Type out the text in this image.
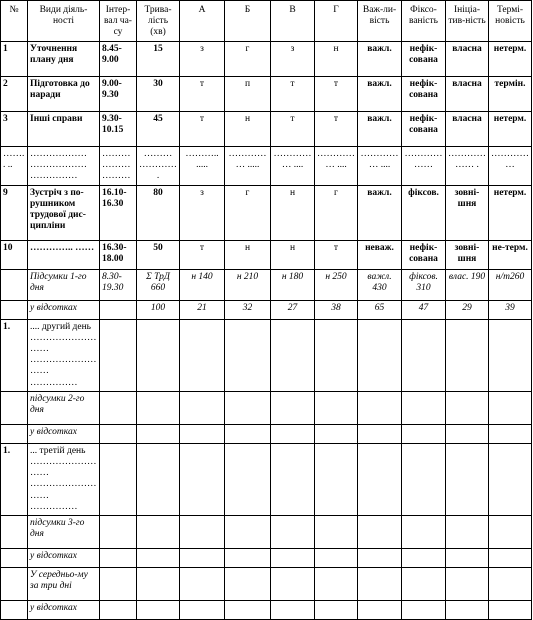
№	Види діяль-ності	Інтер-вал ча-су	Трива-лість (хв)	А	Б	В	Г	Важ-ли-вість	Фіксо-ваність	Ініціа-тив-ність	Термі-новість
1	Уточнення плану дня	8.45-9.00	15	з	г	з	н	важл.	нефік-сована	власна	нетерм.
2	Підготовка до наради	9.00-9.30	30	т	п	т	т	важл.	нефік-сована	власна	термін.
3	Інші справи	9.30-10.15	45	т	н	т	т	важл.	нефік-сована	власна	нетерм.
…….. ..	……………… ……………… ……………	……… ……… ………	……… ………….	……….. .....	…………… .....	…………… ....	…………… ....	…………… ....	………………	……………… .	……………
9	Зустріч з по-рушником трудової дис-ципліни	16.10-16.30	80	з	г	н	г	важл.	фіксов.	зовні-шня	нетерм.
10	………….. ……	16.30-18.00	50	т	н	н	т	неваж.	нефік-сована	зовні-шня	не-терм.
	Підсумки 1-го дня	8.30-19.30	Σ ТрД 660	н 140	н 210	н 180	н 250	важл. 430	фіксов. 310	влас. 190	н/т260
	у відсотках		100	21	32	27	38	65	47	29	39
1.	.... другий день
……………………… ……………………… ……………										

	підсумки 2-го дня										
	у відсотках										
1.	... третій день
……………………… ……………………… ……………										

	підсумки 3-го дня										
	у відсотках										
	У середньо-му за три дні										
	у відсотках										
